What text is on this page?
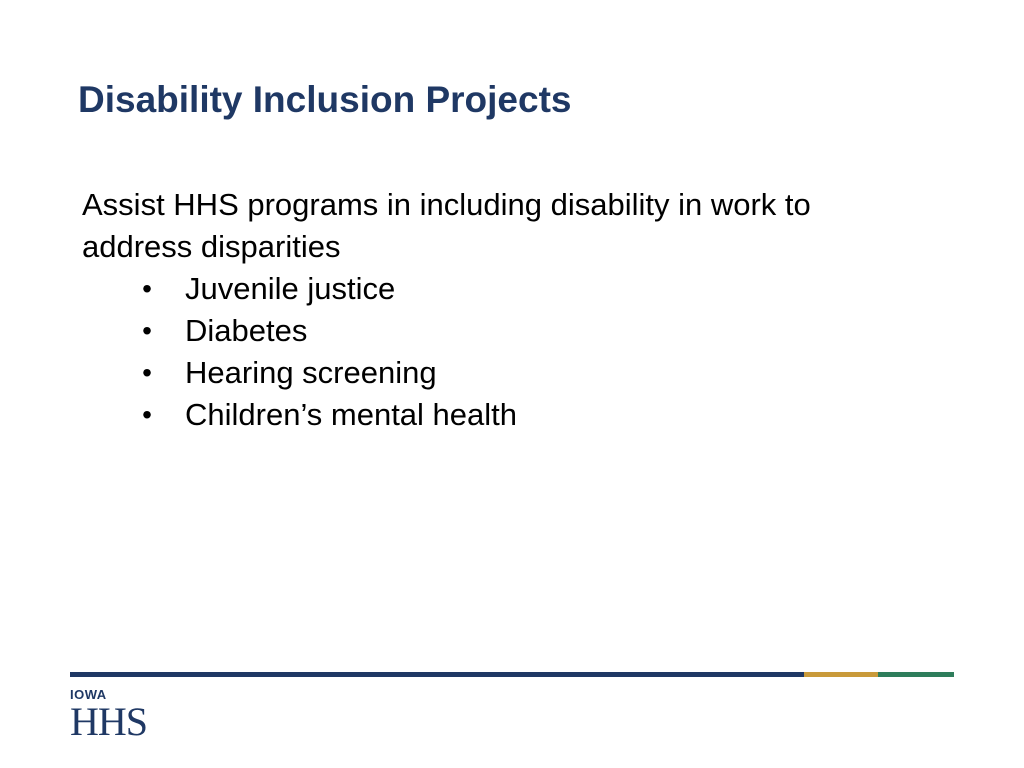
Disability Inclusion Projects
Assist HHS programs in including disability in work to address disparities
•	Juvenile justice
•	Diabetes
•	Hearing screening
•	Children’s mental health
IOWA
HHS
